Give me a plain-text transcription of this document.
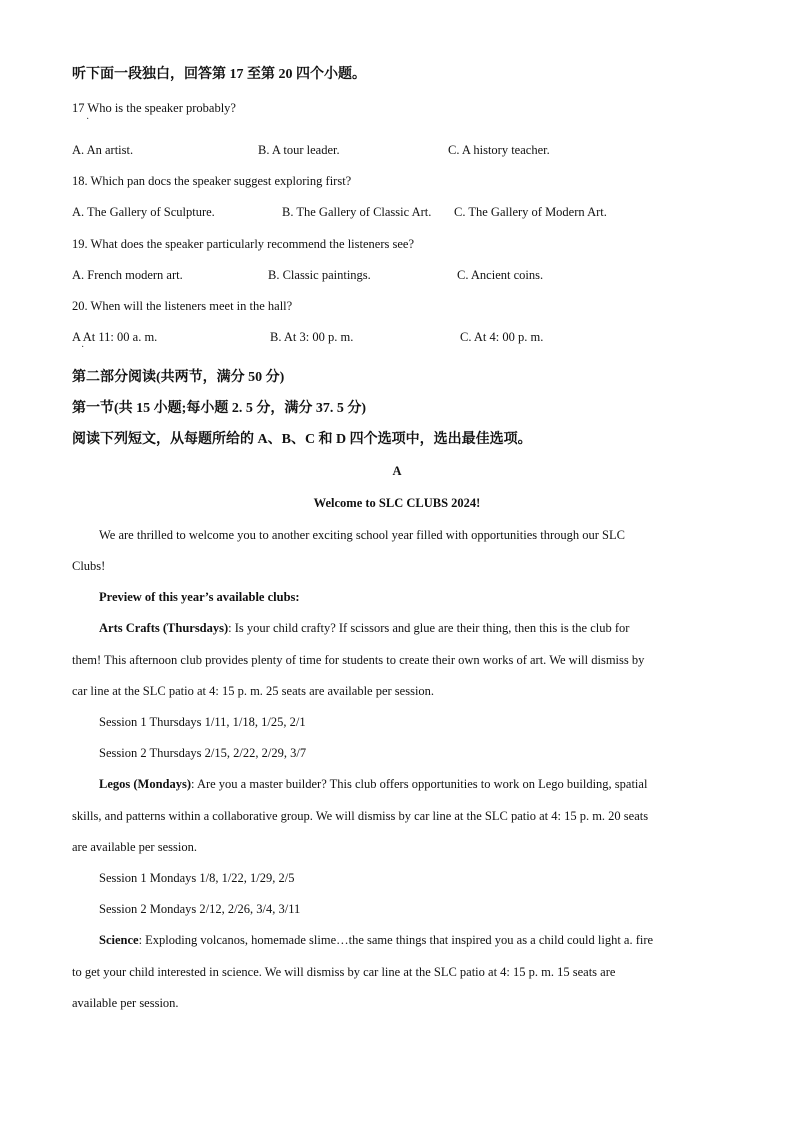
听下面一段独白，回答第 17 至第 20 四个小题。
17 Who is the speaker probably?
·
A. An artist.	B. A tour leader.	C. A history teacher.
18. Which pan docs the speaker suggest exploring first?
A. The Gallery of Sculpture.	B. The Gallery of Classic Art. C. The Gallery of Modern Art.
19. What does the speaker particularly recommend the listeners see?
A. French modern art.	B. Classic paintings.	C. Ancient coins.
20. When will the listeners meet in the hall?
A At 11: 00 a. m.
·
B. At 3: 00 p. m.	C. At 4: 00 p. m.
第二部分阅读(共两节，满分 50 分)
第一节(共 15 小题;每小题 2. 5 分，满分 37. 5 分)
阅读下列短文，从每题所给的 A、B、C 和 D 四个选项中，选出最佳选项。
A
Welcome to SLC CLUBS 2024!
We are thrilled to welcome you to another exciting school year filled with opportunities through our SLC
Clubs!
Preview of this year’s available clubs:
Arts Crafts (Thursdays): Is your child crafty? If scissors and glue are their thing, then this is the club for
them! This afternoon club provides plenty of time for students to create their own works of art. We will dismiss by
car line at the SLC patio at 4: 15 p. m. 25 seats are available per session.
Session 1 Thursdays 1/11, 1/18, 1/25, 2/1
Session 2 Thursdays 2/15, 2/22, 2/29, 3/7
Legos (Mondays): Are you a master builder? This club offers opportunities to work on Lego building, spatial
skills, and patterns within a collaborative group. We will dismiss by car line at the SLC patio at 4: 15 p. m. 20 seats
are available per session.
Session 1 Mondays 1/8, 1/22, 1/29, 2/5
Session 2 Mondays 2/12, 2/26, 3/4, 3/11
Science: Exploding volcanos, homemade slime…the same things that inspired you as a child could light a. fire
to get your child interested in science. We will dismiss by car line at the SLC patio at 4: 15 p. m. 15 seats are
available per session.
